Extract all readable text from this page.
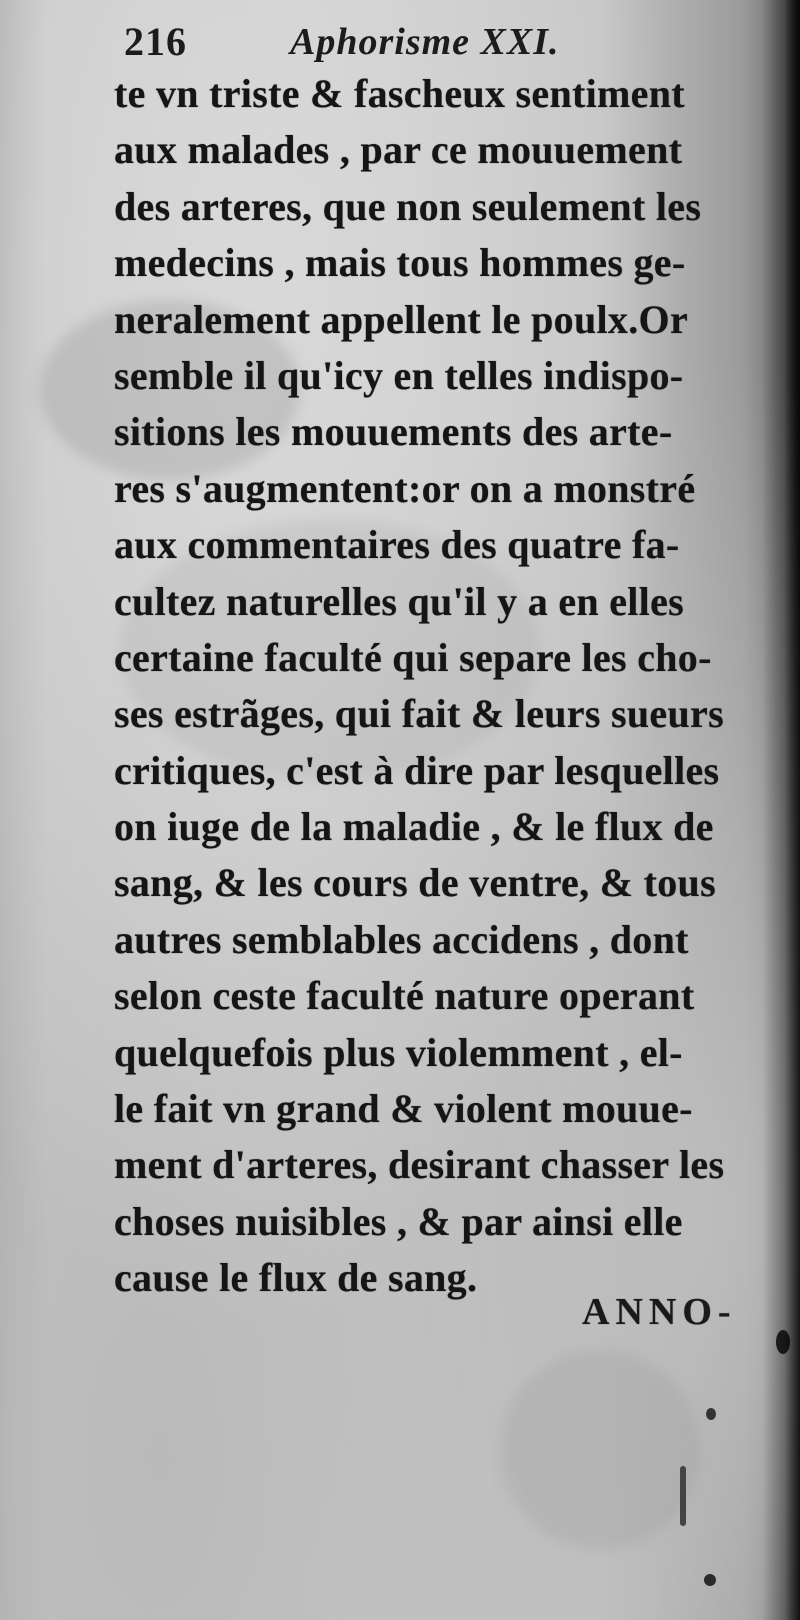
216	Aphorisme XXI.
te vn triste & fascheux sentiment
aux malades , par ce mouuement
des arteres, que non seulement les
medecins , mais tous hommes ge-
neralement appellent le poulx.Or
semble il qu'icy en telles indispo-
sitions les mouuements des arte-
res s'augmentent:or on a monstré
aux commentaires des quatre fa-
cultez naturelles qu'il y a en elles
certaine faculté qui separe les cho-
ses estrãges, qui fait & leurs sueurs
critiques, c'est à dire par lesquelles
on iuge de la maladie , & le flux de
sang, & les cours de ventre, & tous
autres semblables accidens , dont
selon ceste faculté nature operant
quelquefois plus violemment , el-
le fait vn grand & violent mouue-
ment d'arteres, desirant chasser les
choses nuisibles , & par ainsi elle
cause le flux de sang.
ANNO-
